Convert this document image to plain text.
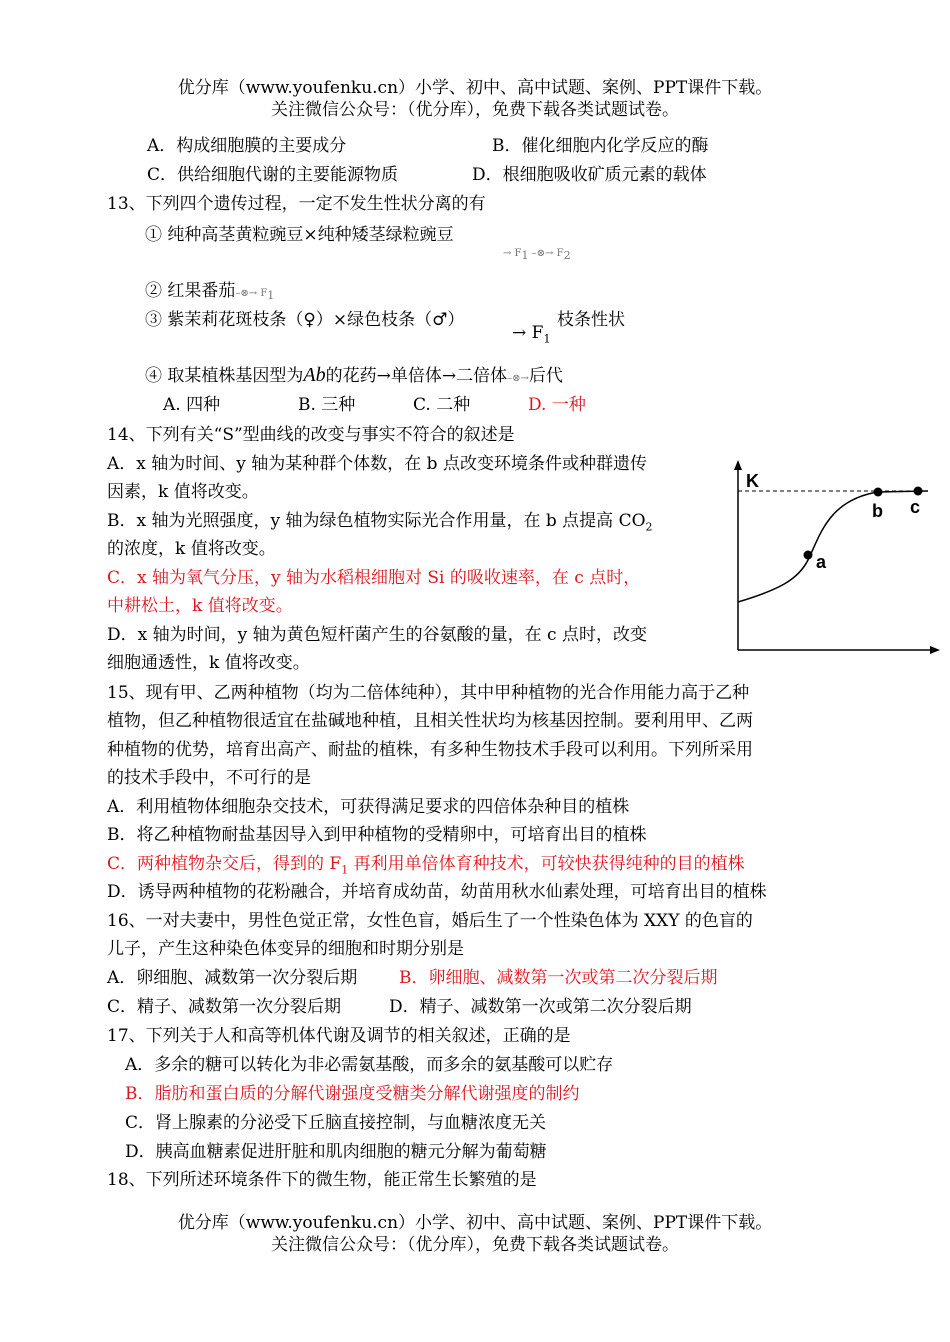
优分库（www.youfenku.cn）小学、初中、高中试题、案例、PPT课件下载。
关注微信公众号：（优分库），免费下载各类试题试卷。
A．构成细胞膜的主要成分	B．催化细胞内化学反应的酶
C．供给细胞代谢的主要能源物质	D．根细胞吸收矿质元素的载体
13、下列四个遗传过程，一定不发生性状分离的有
① 纯种高茎黄粒豌豆×纯种矮茎绿粒豌豆
→ $F_1$ –⊗→ $F_2$
② 红果番茄–⊗→ $F_1$
③ 紫茉莉花斑枝条（♀）×绿色枝条（♂）
→ $F_1$
枝条性状
④ 取某植株基因型为Ab的花药→单倍体→二倍体–⊗→后代
A. 四种	B. 三种	C. 二种	D. 一种
14、下列有关“S”型曲线的改变与事实不符合的叙述是
A．x 轴为时间、y 轴为某种群个体数，在 b 点改变环境条件或种群遗传
因素，k 值将改变。
B．x 轴为光照强度，y 轴为绿色植物实际光合作用量，在 b 点提高 $CO_2$
的浓度，k 值将改变。
C．x 轴为氧气分压，y 轴为水稻根细胞对 Si 的吸收速率，在 c 点时，
中耕松土，k 值将改变。
D．x 轴为时间，y 轴为黄色短杆菌产生的谷氨酸的量，在 c 点时，改变
细胞通透性，k 值将改变。
K
a
b c
15、现有甲、乙两种植物（均为二倍体纯种），其中甲种植物的光合作用能力高于乙种
植物，但乙种植物很适宜在盐碱地种植，且相关性状均为核基因控制。要利用甲、乙两
种植物的优势，培育出高产、耐盐的植株，有多种生物技术手段可以利用。下列所采用
的技术手段中，不可行的是
A．利用植物体细胞杂交技术，可获得满足要求的四倍体杂种目的植株
B．将乙种植物耐盐基因导入到甲种植物的受精卵中，可培育出目的植株
C．两种植物杂交后，得到的 $F_1$ 再利用单倍体育种技术，可较快获得纯种的目的植株
D．诱导两种植物的花粉融合，并培育成幼苗，幼苗用秋水仙素处理，可培育出目的植株
16、一对夫妻中，男性色觉正常，女性色盲，婚后生了一个性染色体为 XXY 的色盲的
儿子，产生这种染色体变异的细胞和时期分别是
A．卵细胞、减数第一次分裂后期 B．卵细胞、减数第一次或第二次分裂后期
C．精子、减数第一次分裂后期	D．精子、减数第一次或第二次分裂后期
17、下列关于人和高等机体代谢及调节的相关叙述，正确的是
A．多余的糖可以转化为非必需氨基酸，而多余的氨基酸可以贮存
B．脂肪和蛋白质的分解代谢强度受糖类分解代谢强度的制约
C．肾上腺素的分泌受下丘脑直接控制，与血糖浓度无关
D．胰高血糖素促进肝脏和肌肉细胞的糖元分解为葡萄糖
18、下列所述环境条件下的微生物，能正常生长繁殖的是
优分库（www.youfenku.cn）小学、初中、高中试题、案例、PPT课件下载。
关注微信公众号：（优分库），免费下载各类试题试卷。
